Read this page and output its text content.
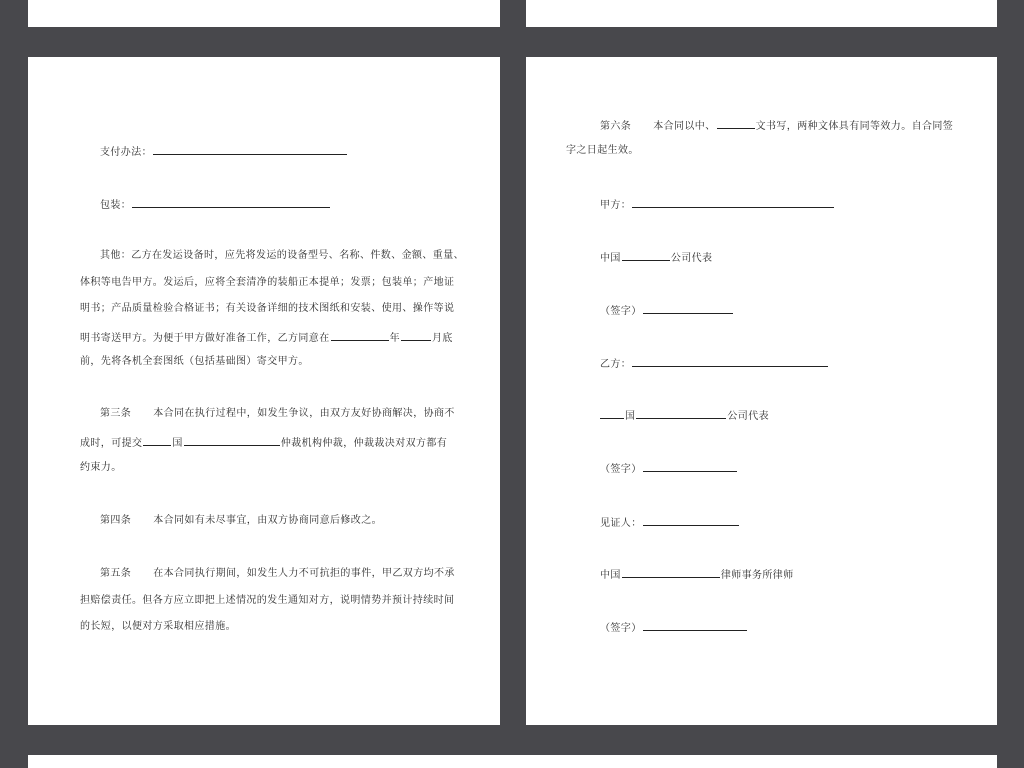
支付办法：
包装：
其他：乙方在发运设备时，应先将发运的设备型号、名称、件数、金额、重量、
体积等电告甲方。发运后，应将全套清净的装船正本提单；发票；包装单；产地证
明书；产品质量检验合格证书；有关设备详细的技术图纸和安装、使用、操作等说
明书寄送甲方。为便于甲方做好准备工作，乙方同意在	年	月底
前，先将各机全套图纸（包括基础图）寄交甲方。
第三条 本合同在执行过程中，如发生争议，由双方友好协商解决，协商不
成时，可提交	国	仲裁机构仲裁，仲裁裁决对双方都有
约束力。
第四条 本合同如有未尽事宜，由双方协商同意后修改之。
第五条 在本合同执行期间，如发生人力不可抗拒的事件，甲乙双方均不承
担赔偿责任。但各方应立即把上述情况的发生通知对方，说明情势并预计持续时间
的长短，以便对方采取相应措施。
第六条 本合同以中、	文书写，两种文体具有同等效力。自合同签
字之日起生效。
甲方：
中国	公司代表
（签字）
乙方：
国	公司代表
（签字）
见证人：
中国	律师事务所律师
（签字）
